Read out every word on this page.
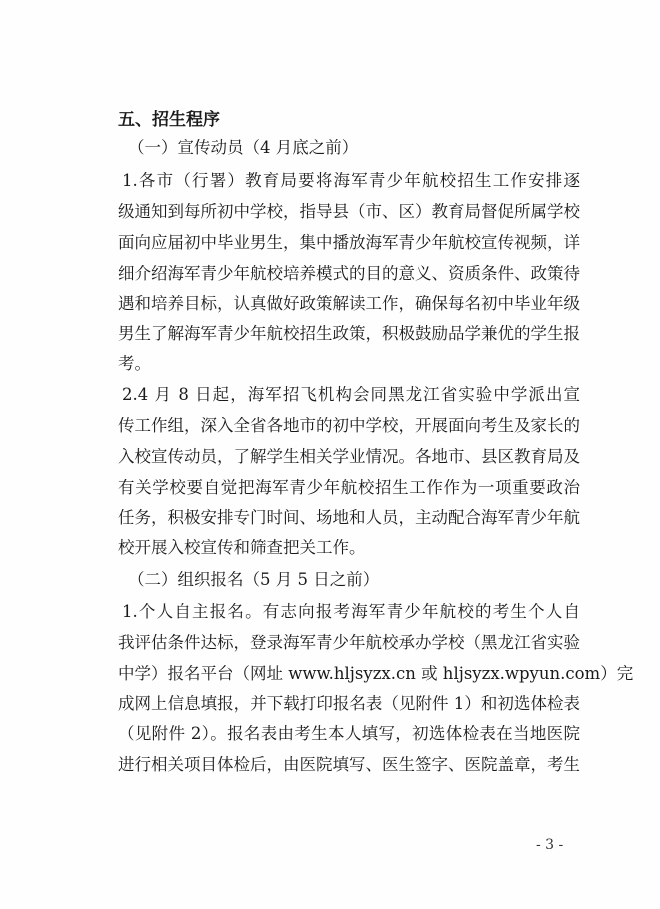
五、招生程序
（一）宣传动员（4 月底之前）
1.各市（行署）教育局要将海军青少年航校招生工作安排逐
级通知到每所初中学校，指导县（市、区）教育局督促所属学校
面向应届初中毕业男生，集中播放海军青少年航校宣传视频，详
细介绍海军青少年航校培养模式的目的意义、资质条件、政策待
遇和培养目标，认真做好政策解读工作，确保每名初中毕业年级
男生了解海军青少年航校招生政策，积极鼓励品学兼优的学生报
考。
2.4 月 8 日起，海军招飞机构会同黑龙江省实验中学派出宣
传工作组，深入全省各地市的初中学校，开展面向考生及家长的
入校宣传动员，了解学生相关学业情况。各地市、县区教育局及
有关学校要自觉把海军青少年航校招生工作作为一项重要政治
任务，积极安排专门时间、场地和人员，主动配合海军青少年航
校开展入校宣传和筛查把关工作。
（二）组织报名（5 月 5 日之前）
1.个人自主报名。有志向报考海军青少年航校的考生个人自
我评估条件达标，登录海军青少年航校承办学校（黑龙江省实验
中学）报名平台（网址 www.hljsyzx.cn 或 hljsyzx.wpyun.com）完
成网上信息填报，并下载打印报名表（见附件 1）和初选体检表
（见附件 2）。报名表由考生本人填写，初选体检表在当地医院
进行相关项目体检后，由医院填写、医生签字、医院盖章，考生
- 3 -
